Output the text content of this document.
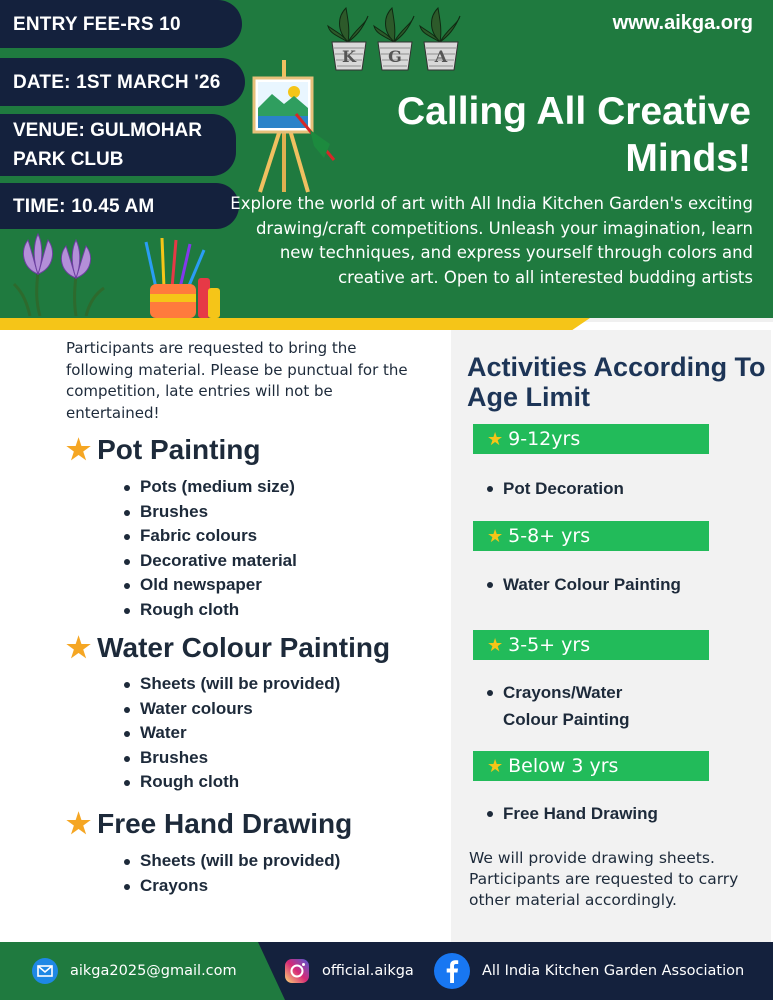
ENTRY FEE-RS 10
DATE: 1ST MARCH '26
VENUE: GULMOHAR
PARK CLUB
TIME: 10.45 AM
www.aikga.org
K G A
Calling All Creative
Minds!
Explore the world of art with All India Kitchen Garden's exciting drawing/craft competitions. Unleash your imagination, learn new techniques, and express yourself through colors and creative art. Open to all interested budding artists
Participants are requested to bring the following material. Please be punctual for the competition, late entries will not be entertained!
★ Pot Painting
Pots (medium size)
Brushes
Fabric colours
Decorative material
Old newspaper
Rough cloth
★ Water Colour Painting
Sheets (will be provided)
Water colours
Water
Brushes
Rough cloth
★ Free Hand Drawing
Sheets (will be provided)
Crayons
Activities According To Age Limit
★ 9-12yrs
Pot Decoration
★ 5-8+ yrs
Water Colour Painting
★ 3-5+ yrs
Crayons/Water
Colour Painting
★ Below 3 yrs
Free Hand Drawing
We will provide drawing sheets. Participants are requested to carry other material accordingly.
aikga2025@gmail.com	official.aikga	All India Kitchen Garden Association
